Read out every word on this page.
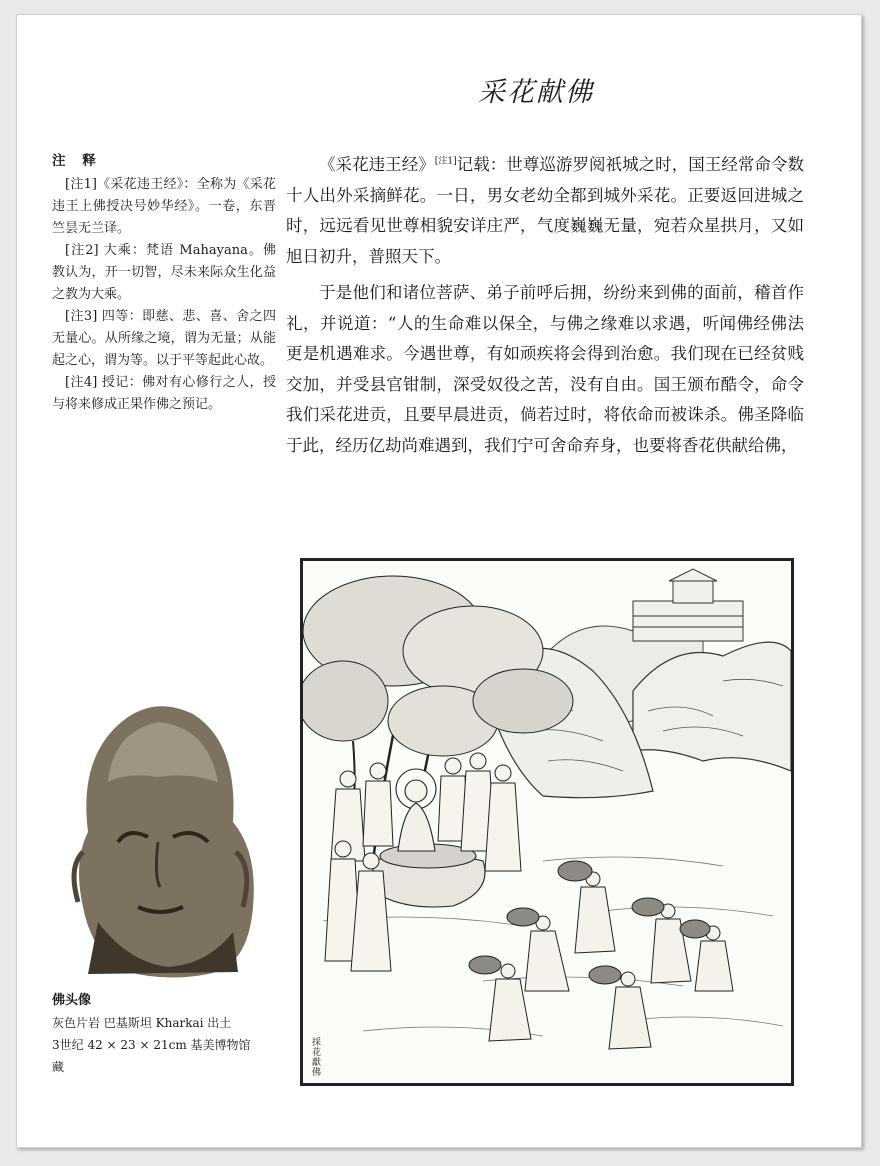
采花献佛
注 释

[注1]《采花违王经》：全称为《采花违王上佛授决号妙华经》。一卷，东晋竺昙无兰译。

[注2] 大乘：梵语 Mahayana。佛教认为，开一切智，尽未来际众生化益之教为大乘。

[注3] 四等：即慈、悲、喜、舍之四无量心。从所缘之境，谓为无量；从能起之心，谓为等。以于平等起此心故。

[注4] 授记：佛对有心修行之人，授与将来修成正果作佛之预记。

《采花违王经》[注1]记载：世尊巡游罗阅祇城之时，国王经常命令数十人出外采摘鲜花。一日，男女老幼全都到城外采花。正要返回进城之时，远远看见世尊相貌安详庄严，气度巍巍无量，宛若众星拱月，又如旭日初升，普照天下。

于是他们和诸位菩萨、弟子前呼后拥，纷纷来到佛的面前，稽首作礼，并说道：“人的生命难以保全，与佛之缘难以求遇，听闻佛经佛法更是机遇难求。今遇世尊，有如顽疾将会得到治愈。我们现在已经贫贱交加，并受县官钳制，深受奴役之苦，没有自由。国王颁布酷令，命令我们采花进贡，且要早晨进贡，倘若过时，将依命而被诛杀。佛圣降临于此，经历亿劫尚难遇到，我们宁可舍命弃身，也要将香花供献给佛，

採花獻佛
佛头像

灰色片岩 巴基斯坦 Kharkai 出土

3世纪 42 × 23 × 21cm 基美博物馆

藏
